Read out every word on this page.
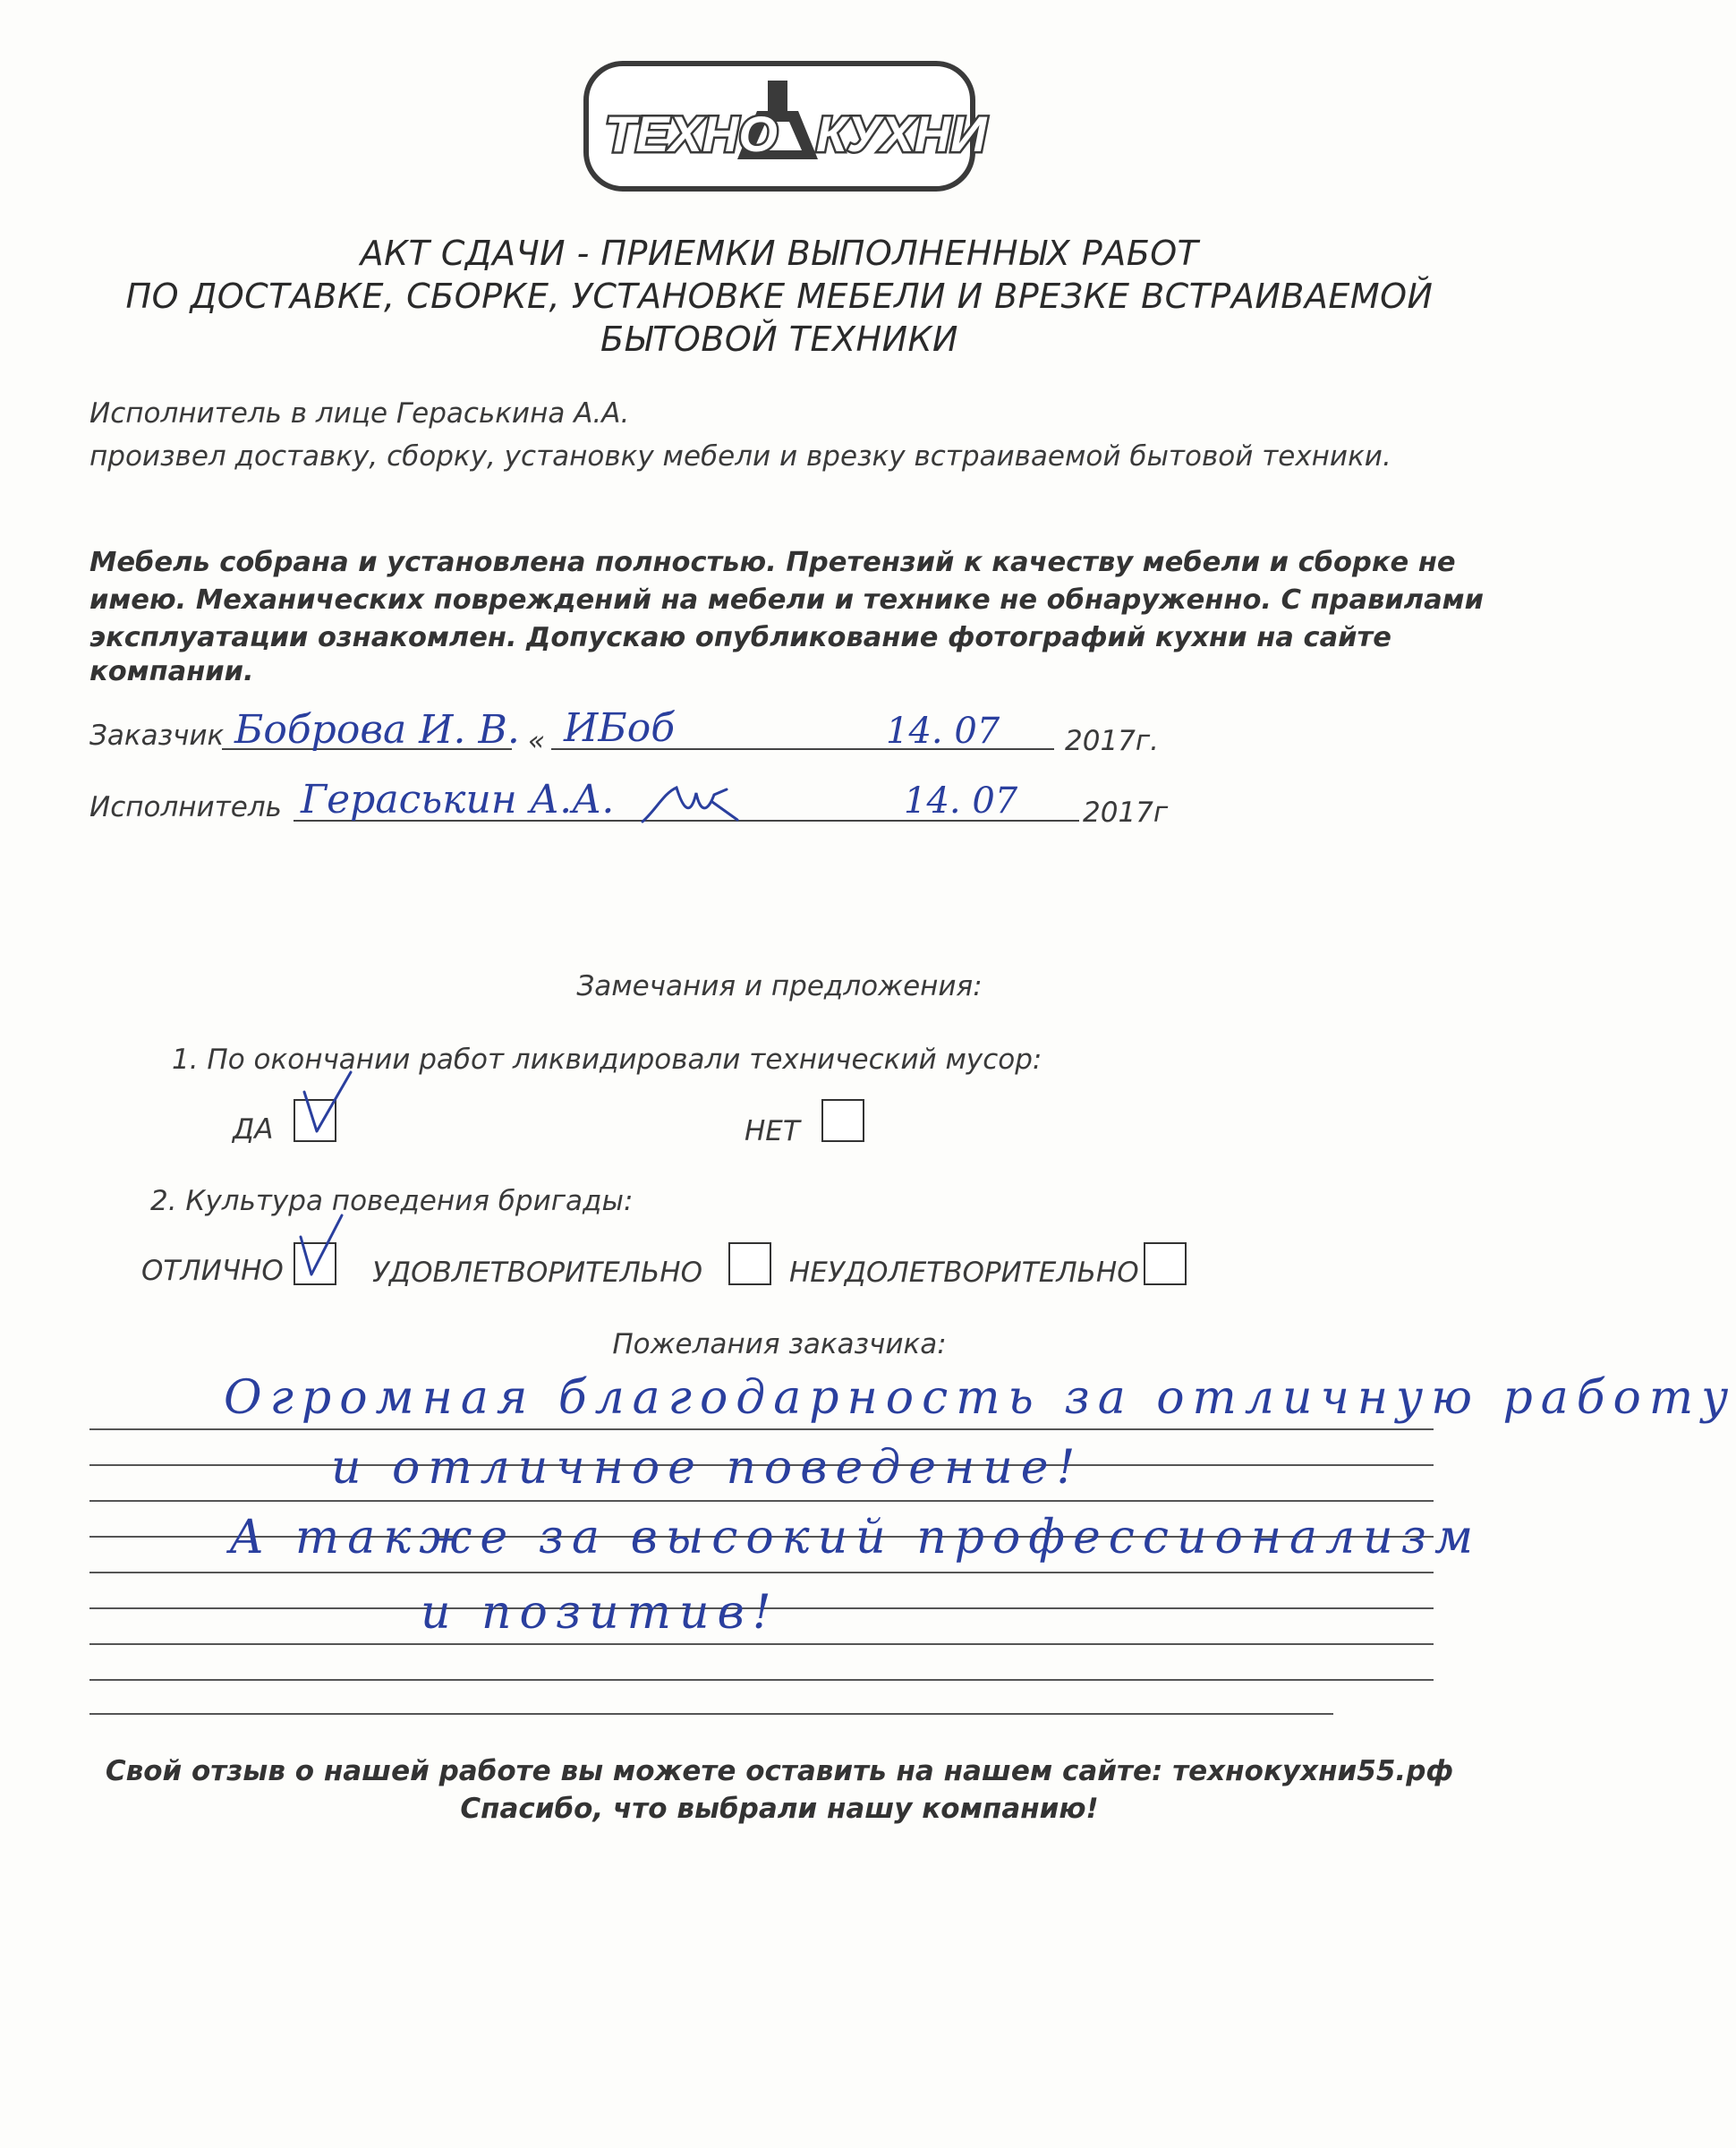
ТЕХНО КУХНИ
АКТ СДАЧИ - ПРИЕМКИ ВЫПОЛНЕННЫХ РАБОТ
ПО ДОСТАВКЕ, СБОРКЕ, УСТАНОВКЕ МЕБЕЛИ И ВРЕЗКЕ ВСТРАИВАЕМОЙ
БЫТОВОЙ ТЕХНИКИ
Исполнитель в лице Гераськина А.А.
произвел доставку, сборку, установку мебели и врезку встраиваемой бытовой техники.
Мебель собрана и установлена полностью. Претензий к качеству мебели и сборке не
имею. Механических повреждений на мебели и технике не обнаруженно. С правилами
эксплуатации ознакомлен. Допускаю опубликование фотографий кухни на сайте
компании.
Заказчик Боброва И. В. « ИБоб	14. 07 2017г.
Исполнитель Гераськин А.А.	14. 07 2017г
Замечания и предложения:
1. По окончании работ ликвидировали технический мусор:
ДА	НЕТ
2. Культура поведения бригады:
ОТЛИЧНО	УДОВЛЕТВОРИТЕЛЬНО	НЕУДОЛЕТВОРИТЕЛЬНО
Пожелания заказчика:
Огромная благодарность за отличную работу
и отличное поведение!
А также за высокий профессионализм
и позитив!
Свой отзыв о нашей работе вы можете оставить на нашем сайте: технокухни55.рф
Спасибо, что выбрали нашу компанию!
